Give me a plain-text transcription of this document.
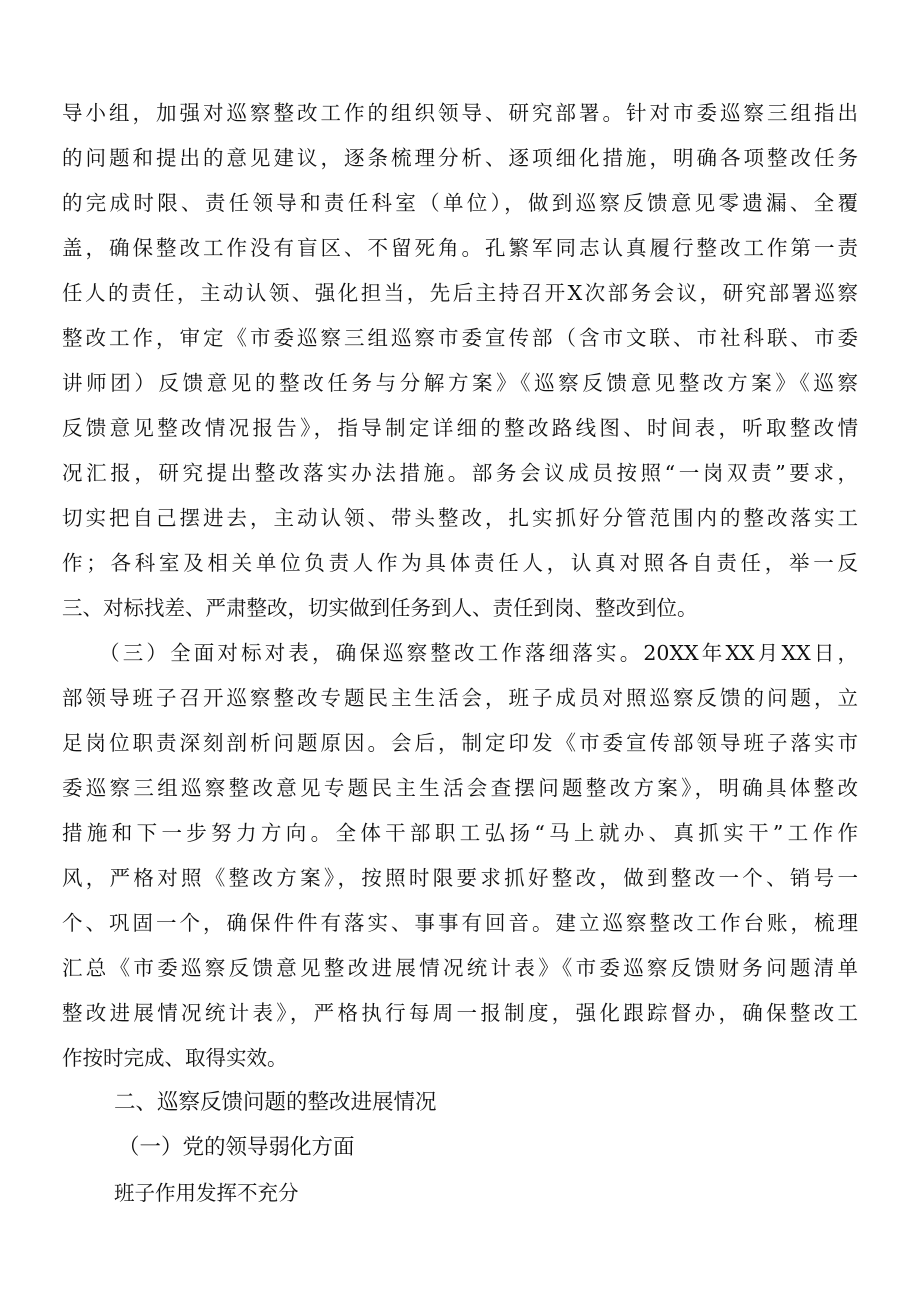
导小组，加强对巡察整改工作的组织领导、研究部署。针对市委巡察三组指出
的问题和提出的意见建议，逐条梳理分析、逐项细化措施，明确各项整改任务
的完成时限、责任领导和责任科室（单位），做到巡察反馈意见零遗漏、全覆
盖，确保整改工作没有盲区、不留死角。孔繁军同志认真履行整改工作第一责
任人的责任，主动认领、强化担当，先后主持召开X次部务会议，研究部署巡察
整改工作，审定《市委巡察三组巡察市委宣传部（含市文联、市社科联、市委
讲师团）反馈意见的整改任务与分解方案》《巡察反馈意见整改方案》《巡察
反馈意见整改情况报告》，指导制定详细的整改路线图、时间表，听取整改情
况汇报，研究提出整改落实办法措施。部务会议成员按照“一岗双责”要求，
切实把自己摆进去，主动认领、带头整改，扎实抓好分管范围内的整改落实工
作；各科室及相关单位负责人作为具体责任人，认真对照各自责任，举一反
三、对标找差、严肃整改，切实做到任务到人、责任到岗、整改到位。
　　（三）全面对标对表，确保巡察整改工作落细落实。20XX年XX月XX日，
部领导班子召开巡察整改专题民主生活会，班子成员对照巡察反馈的问题，立
足岗位职责深刻剖析问题原因。会后，制定印发《市委宣传部领导班子落实市
委巡察三组巡察整改意见专题民主生活会查摆问题整改方案》，明确具体整改
措施和下一步努力方向。全体干部职工弘扬“马上就办、真抓实干”工作作
风，严格对照《整改方案》，按照时限要求抓好整改，做到整改一个、销号一
个、巩固一个，确保件件有落实、事事有回音。建立巡察整改工作台账，梳理
汇总《市委巡察反馈意见整改进展情况统计表》《市委巡察反馈财务问题清单
整改进展情况统计表》，严格执行每周一报制度，强化跟踪督办，确保整改工
作按时完成、取得实效。
二、巡察反馈问题的整改进展情况
（一）党的领导弱化方面
班子作用发挥不充分
